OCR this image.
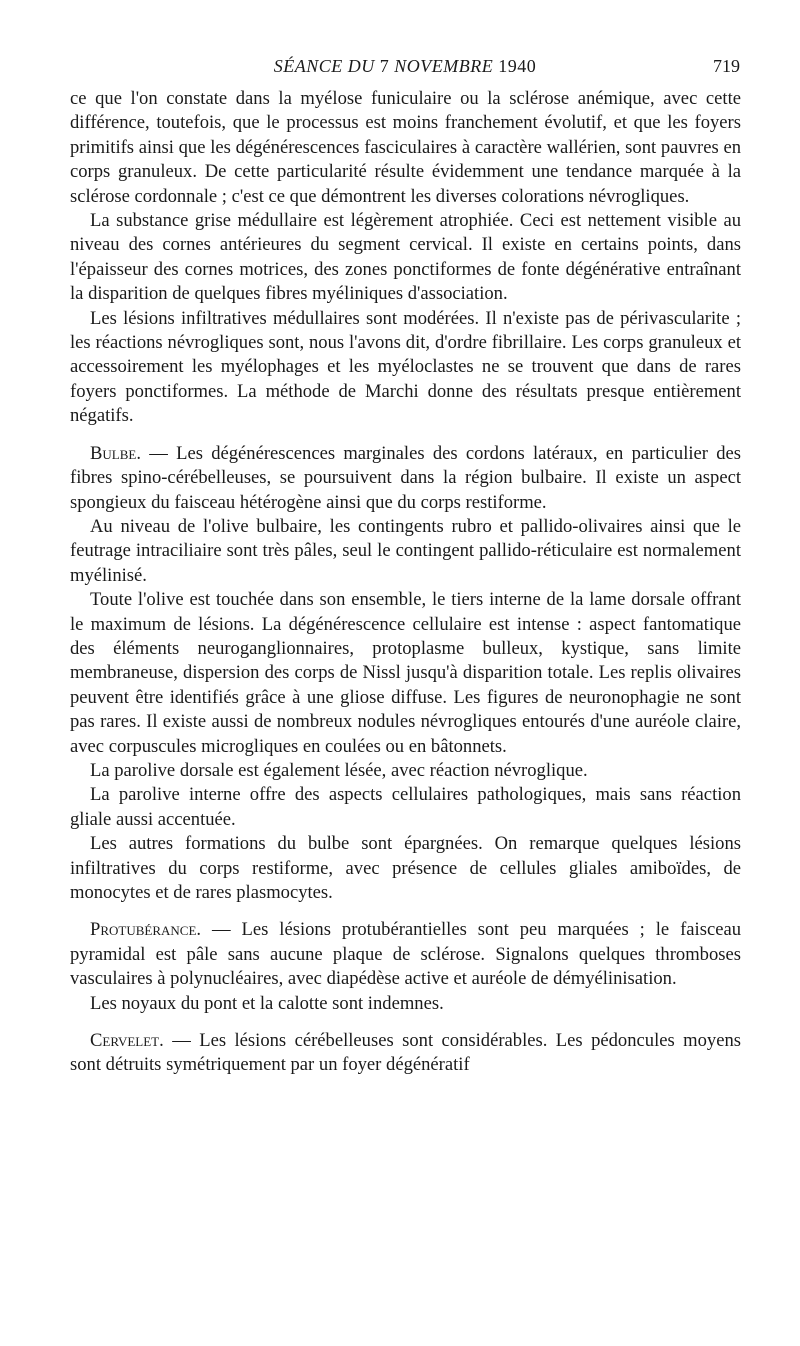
SÉANCE DU 7 NOVEMBRE 1940	719

ce que l'on constate dans la myélose funiculaire ou la sclérose anémique, avec cette différence, toutefois, que le processus est moins franchement évolutif, et que les foyers primitifs ainsi que les dégénérescences fasciculaires à caractère wallérien, sont pauvres en corps granuleux. De cette particularité résulte évidemment une tendance marquée à la sclérose cordonnale ; c'est ce que démontrent les diverses colorations névrogliques.

La substance grise médullaire est légèrement atrophiée. Ceci est nettement visible au niveau des cornes antérieures du segment cervical. Il existe en certains points, dans l'épaisseur des cornes motrices, des zones ponctiformes de fonte dégénérative entraînant la disparition de quelques fibres myéliniques d'association.

Les lésions infiltratives médullaires sont modérées. Il n'existe pas de périvascularite ; les réactions névrogliques sont, nous l'avons dit, d'ordre fibrillaire. Les corps granuleux et accessoirement les myélophages et les myéloclastes ne se trouvent que dans de rares foyers ponctiformes. La méthode de Marchi donne des résultats presque entièrement négatifs.

Bulbe. — Les dégénérescences marginales des cordons latéraux, en particulier des fibres spino-cérébelleuses, se poursuivent dans la région bulbaire. Il existe un aspect spongieux du faisceau hétérogène ainsi que du corps restiforme.

Au niveau de l'olive bulbaire, les contingents rubro et pallido-olivaires ainsi que le feutrage intraciliaire sont très pâles, seul le contingent pallido-réticulaire est normalement myélinisé.

Toute l'olive est touchée dans son ensemble, le tiers interne de la lame dorsale offrant le maximum de lésions. La dégénérescence cellulaire est intense : aspect fantomatique des éléments neuroganglionnaires, protoplasme bulleux, kystique, sans limite membraneuse, dispersion des corps de Nissl jusqu'à disparition totale. Les replis olivaires peuvent être identifiés grâce à une gliose diffuse. Les figures de neuronophagie ne sont pas rares. Il existe aussi de nombreux nodules névrogliques entourés d'une auréole claire, avec corpuscules microgliques en coulées ou en bâtonnets.

La parolive dorsale est également lésée, avec réaction névroglique.

La parolive interne offre des aspects cellulaires pathologiques, mais sans réaction gliale aussi accentuée.

Les autres formations du bulbe sont épargnées. On remarque quelques lésions infiltratives du corps restiforme, avec présence de cellules gliales amiboïdes, de monocytes et de rares plasmocytes.

Protubérance. — Les lésions protubérantielles sont peu marquées ; le faisceau pyramidal est pâle sans aucune plaque de sclérose. Signalons quelques thromboses vasculaires à polynucléaires, avec diapédèse active et auréole de démyélinisation.

Les noyaux du pont et la calotte sont indemnes.

Cervelet. — Les lésions cérébelleuses sont considérables. Les pédoncules moyens sont détruits symétriquement par un foyer dégénératif
